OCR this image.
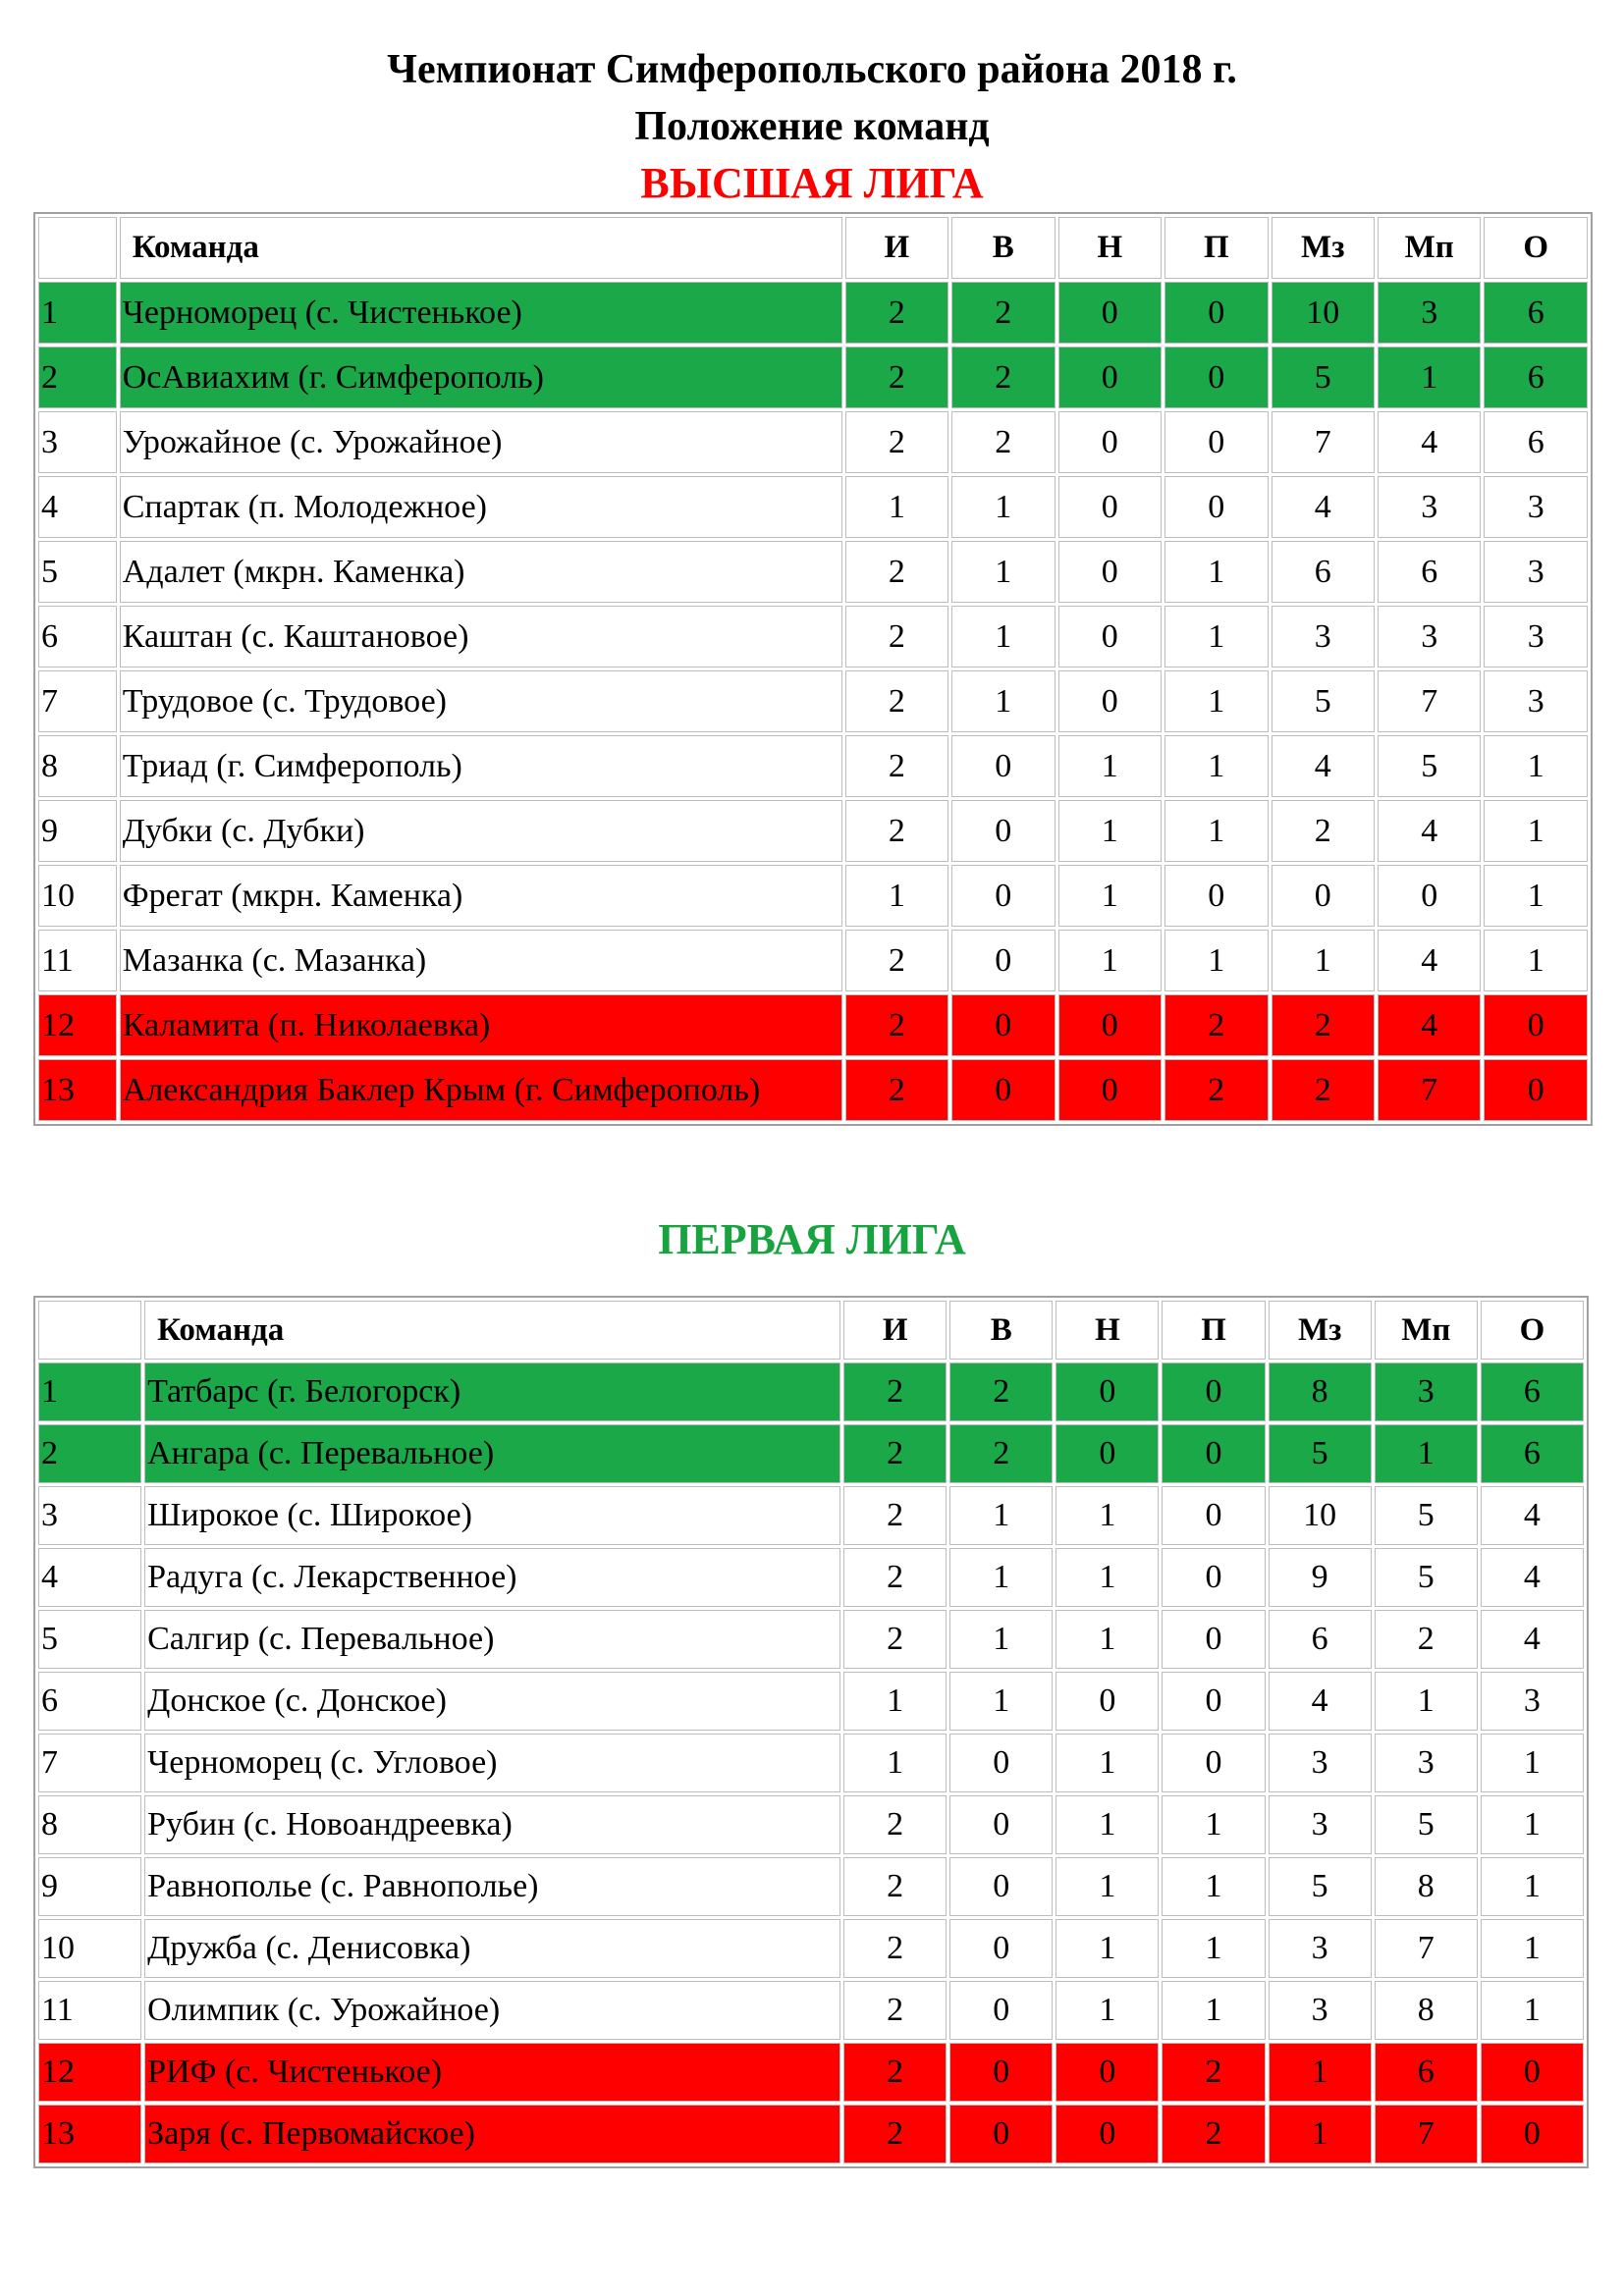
Чемпионат Симферопольского района 2018 г.
Положение команд
ВЫСШАЯ ЛИГА
	Команда	И	В	Н	П	Мз	Мп	О
1	Черноморец (с. Чистенькое)	2	2	0	0	10	3	6
2	ОсАвиахим (г. Симферополь)	2	2	0	0	5	1	6
3	Урожайное (с. Урожайное)	2	2	0	0	7	4	6
4	Спартак (п. Молодежное)	1	1	0	0	4	3	3
5	Адалет (мкрн. Каменка)	2	1	0	1	6	6	3
6	Каштан (с. Каштановое)	2	1	0	1	3	3	3
7	Трудовое (с. Трудовое)	2	1	0	1	5	7	3
8	Триад (г. Симферополь)	2	0	1	1	4	5	1
9	Дубки (с. Дубки)	2	0	1	1	2	4	1
10	Фрегат (мкрн. Каменка)	1	0	1	0	0	0	1
11	Мазанка (с. Мазанка)	2	0	1	1	1	4	1
12	Каламита (п. Николаевка)	2	0	0	2	2	4	0
13	Александрия Баклер Крым (г. Симферополь)	2	0	0	2	2	7	0
ПЕРВАЯ ЛИГА
	Команда	И	В	Н	П	Мз	Мп	О
1	Татбарс (г. Белогорск)	2	2	0	0	8	3	6
2	Ангара (с. Перевальное)	2	2	0	0	5	1	6
3	Широкое (с. Широкое)	2	1	1	0	10	5	4
4	Радуга (с. Лекарственное)	2	1	1	0	9	5	4
5	Салгир (с. Перевальное)	2	1	1	0	6	2	4
6	Донское (с. Донское)	1	1	0	0	4	1	3
7	Черноморец (с. Угловое)	1	0	1	0	3	3	1
8	Рубин (с. Новоандреевка)	2	0	1	1	3	5	1
9	Равнополье (с. Равнополье)	2	0	1	1	5	8	1
10	Дружба (с. Денисовка)	2	0	1	1	3	7	1
11	Олимпик (с. Урожайное)	2	0	1	1	3	8	1
12	РИФ (с. Чистенькое)	2	0	0	2	1	6	0
13	Заря (с. Первомайское)	2	0	0	2	1	7	0
